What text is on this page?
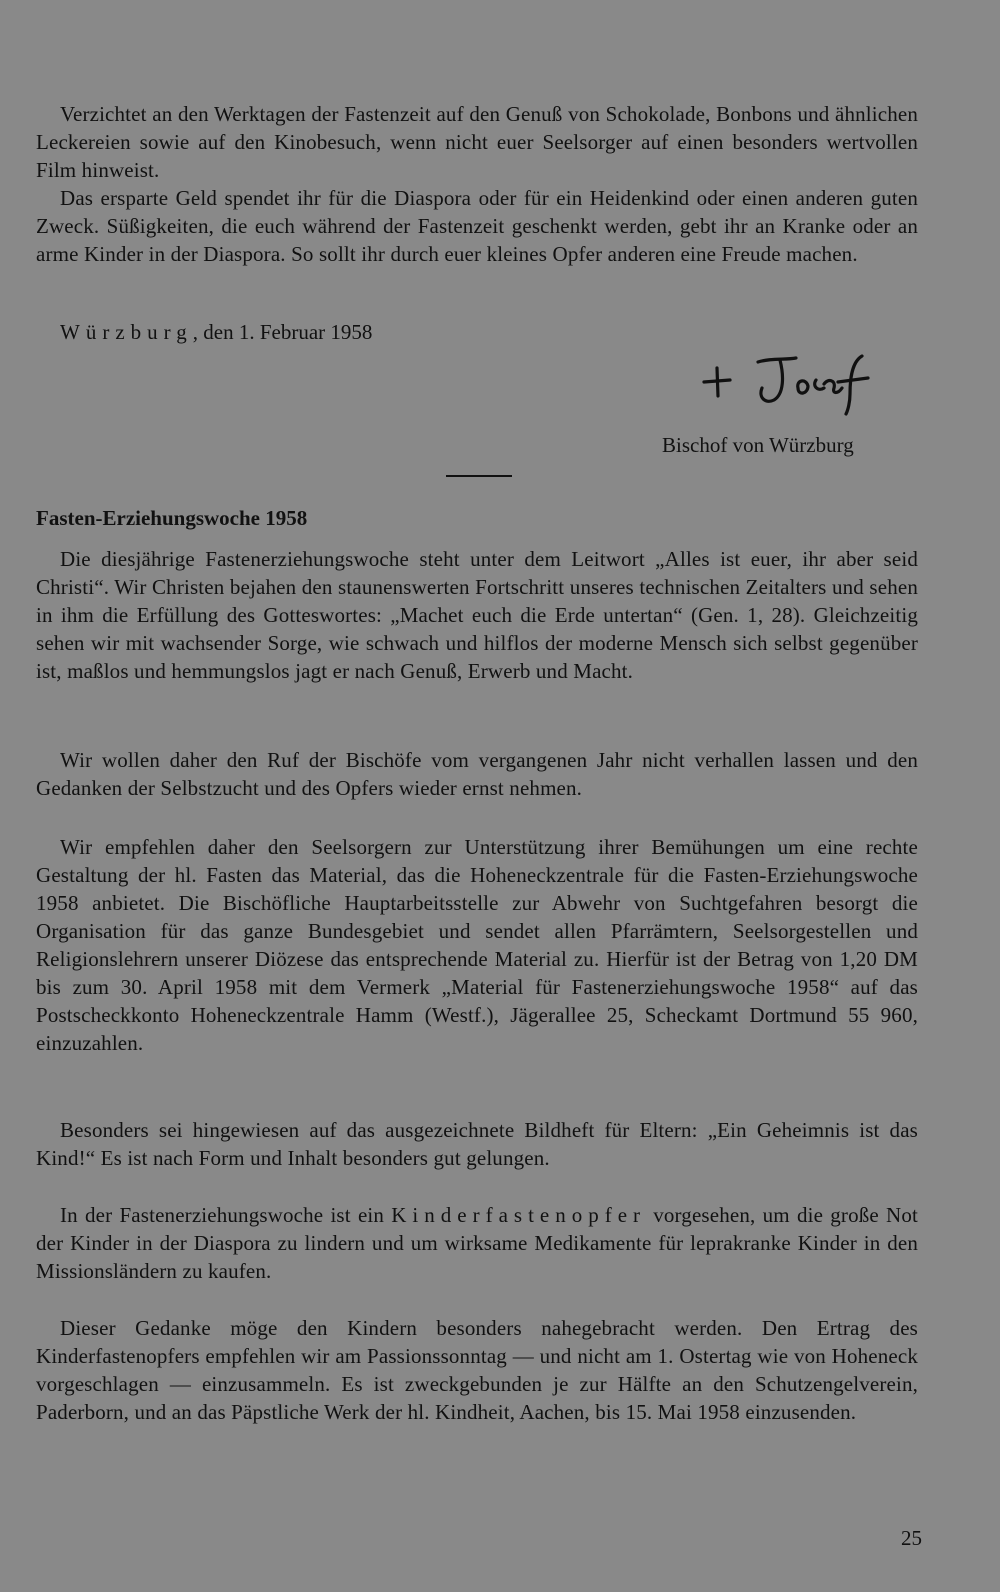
Verzichtet an den Werktagen der Fastenzeit auf den Genuß von Schokolade, Bonbons und ähnlichen Leckereien sowie auf den Kinobesuch, wenn nicht euer Seelsorger auf einen besonders wertvollen Film hinweist.

Das ersparte Geld spendet ihr für die Diaspora oder für ein Heidenkind oder einen anderen guten Zweck. Süßigkeiten, die euch während der Fastenzeit geschenkt werden, gebt ihr an Kranke oder an arme Kinder in der Diaspora. So sollt ihr durch euer kleines Opfer anderen eine Freude machen.

Würzburg, den 1. Februar 1958

Bischof von Würzburg

Fasten-Erziehungswoche 1958

Die diesjährige Fastenerziehungswoche steht unter dem Leitwort „Alles ist euer, ihr aber seid Christi“. Wir Christen bejahen den staunenswerten Fortschritt unseres technischen Zeitalters und sehen in ihm die Erfüllung des Gotteswortes: „Machet euch die Erde untertan“ (Gen. 1, 28). Gleichzeitig sehen wir mit wachsender Sorge, wie schwach und hilflos der moderne Mensch sich selbst gegenüber ist, maßlos und hemmungslos jagt er nach Genuß, Erwerb und Macht.

Wir wollen daher den Ruf der Bischöfe vom vergangenen Jahr nicht verhallen lassen und den Gedanken der Selbstzucht und des Opfers wieder ernst nehmen.

Wir empfehlen daher den Seelsorgern zur Unterstützung ihrer Bemühungen um eine rechte Gestaltung der hl. Fasten das Material, das die Hoheneckzentrale für die Fasten-Erziehungswoche 1958 anbietet. Die Bischöfliche Hauptarbeitsstelle zur Abwehr von Suchtgefahren besorgt die Organisation für das ganze Bundesgebiet und sendet allen Pfarrämtern, Seelsorgestellen und Religionslehrern unserer Diözese das entsprechende Material zu. Hierfür ist der Betrag von 1,20 DM bis zum 30. April 1958 mit dem Vermerk „Material für Fastenerziehungswoche 1958“ auf das Postscheckkonto Hoheneckzentrale Hamm (Westf.), Jägerallee 25, Scheckamt Dortmund 55 960, einzuzahlen.

Besonders sei hingewiesen auf das ausgezeichnete Bildheft für Eltern: „Ein Geheimnis ist das Kind!“ Es ist nach Form und Inhalt besonders gut gelungen.

In der Fastenerziehungswoche ist ein Kinderfastenopfer vorgesehen, um die große Not der Kinder in der Diaspora zu lindern und um wirksame Medikamente für leprakranke Kinder in den Missionsländern zu kaufen.

Dieser Gedanke möge den Kindern besonders nahegebracht werden. Den Ertrag des Kinderfastenopfers empfehlen wir am Passionssonntag — und nicht am 1. Ostertag wie von Hoheneck vorgeschlagen — einzusammeln. Es ist zweckgebunden je zur Hälfte an den Schutzengelverein, Paderborn, und an das Päpstliche Werk der hl. Kindheit, Aachen, bis 15. Mai 1958 einzusenden.

25
